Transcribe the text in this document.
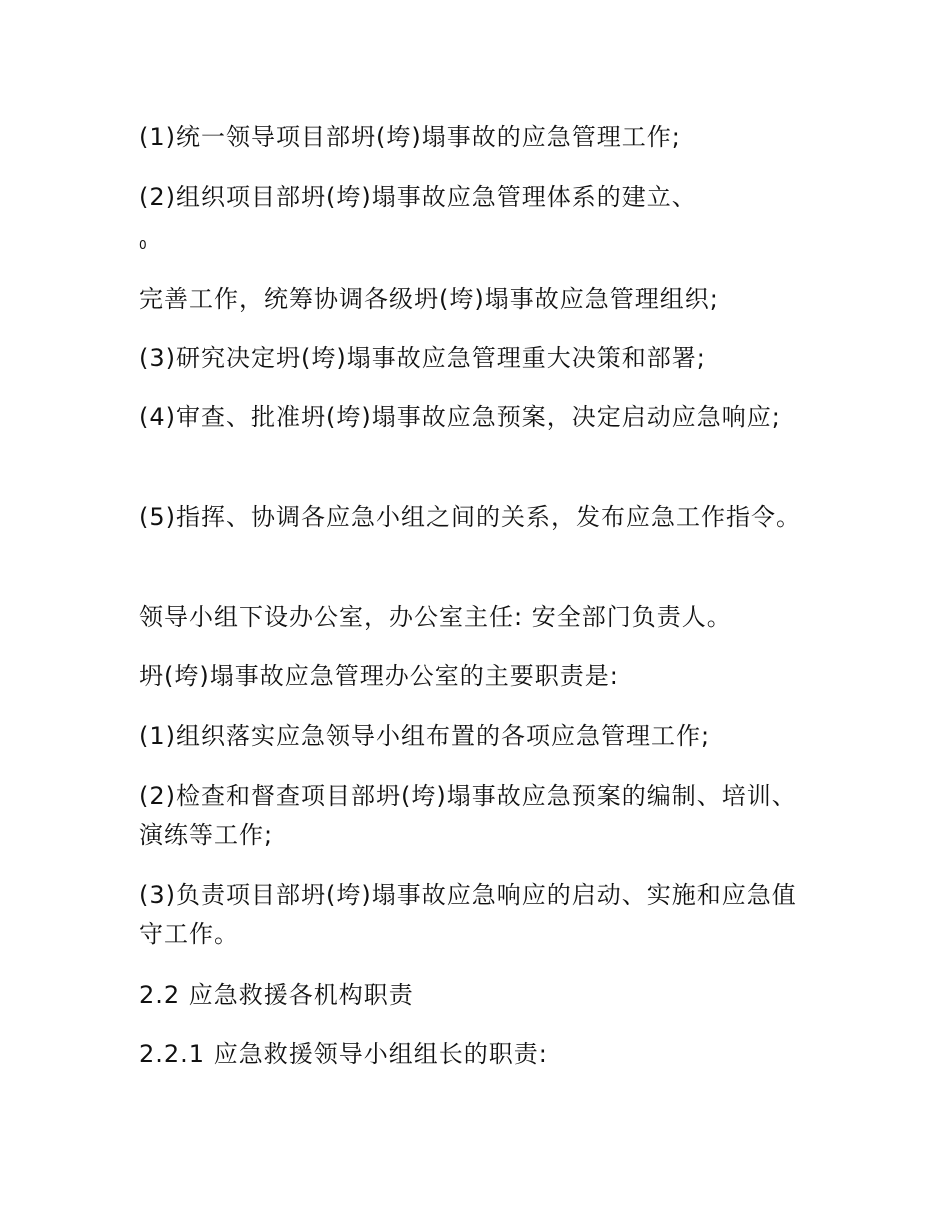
(1)统一领导项目部坍(垮)塌事故的应急管理工作;
(2)组织项目部坍(垮)塌事故应急管理体系的建立、
0
完善工作，统筹协调各级坍(垮)塌事故应急管理组织;
(3)研究决定坍(垮)塌事故应急管理重大决策和部署;
(4)审查、批准坍(垮)塌事故应急预案，决定启动应急响应;
(5)指挥、协调各应急小组之间的关系，发布应急工作指令。
领导小组下设办公室，办公室主任: 安全部门负责人。
坍(垮)塌事故应急管理办公室的主要职责是:
(1)组织落实应急领导小组布置的各项应急管理工作;
(2)检查和督查项目部坍(垮)塌事故应急预案的编制、培训、演练等工作;
(3)负责项目部坍(垮)塌事故应急响应的启动、实施和应急值守工作。
2.2 应急救援各机构职责
2.2.1 应急救援领导小组组长的职责:
